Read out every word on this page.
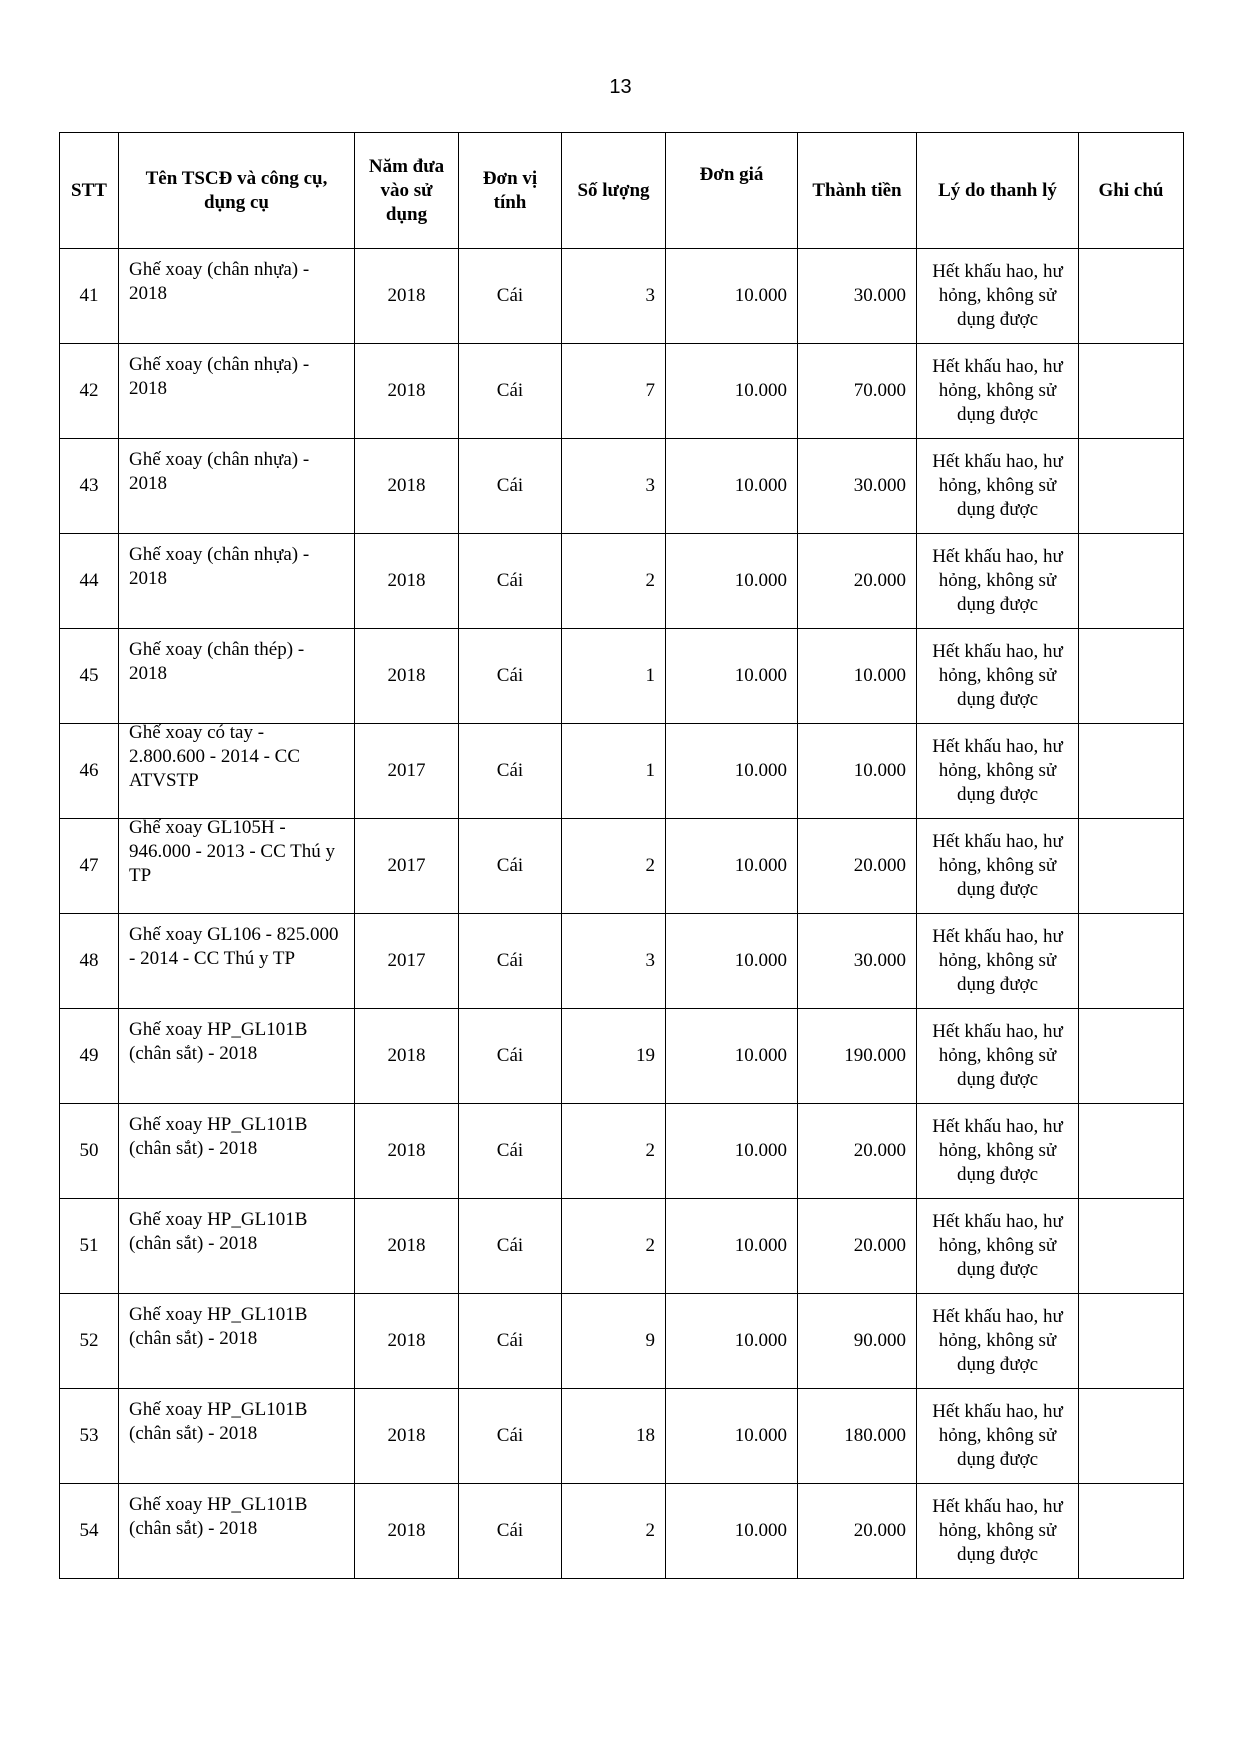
13
STT	Tên TSCĐ và công cụ, dụng cụ	Năm đưa vào sử dụng	Đơn vị tính	Số lượng	Đơn giá	Thành tiền	Lý do thanh lý	Ghi chú
41	Ghế xoay (chân nhựa) - 2018	2018	Cái	3	10.000	30.000	Hết khấu hao, hư hỏng, không sử dụng được	
42	Ghế xoay (chân nhựa) - 2018	2018	Cái	7	10.000	70.000	Hết khấu hao, hư hỏng, không sử dụng được	
43	Ghế xoay (chân nhựa) - 2018	2018	Cái	3	10.000	30.000	Hết khấu hao, hư hỏng, không sử dụng được	
44	Ghế xoay (chân nhựa) - 2018	2018	Cái	2	10.000	20.000	Hết khấu hao, hư hỏng, không sử dụng được	
45	Ghế xoay (chân thép) - 2018	2018	Cái	1	10.000	10.000	Hết khấu hao, hư hỏng, không sử dụng được	
46	Ghế xoay có tay - 2.800.600 - 2014 - CC ATVSTP	2017	Cái	1	10.000	10.000	Hết khấu hao, hư hỏng, không sử dụng được	
47	Ghế xoay GL105H - 946.000 - 2013 - CC Thú y TP	2017	Cái	2	10.000	20.000	Hết khấu hao, hư hỏng, không sử dụng được	
48	Ghế xoay GL106 - 825.000 - 2014 - CC Thú y TP	2017	Cái	3	10.000	30.000	Hết khấu hao, hư hỏng, không sử dụng được	
49	Ghế xoay HP_GL101B (chân sắt) - 2018	2018	Cái	19	10.000	190.000	Hết khấu hao, hư hỏng, không sử dụng được	
50	Ghế xoay HP_GL101B (chân sắt) - 2018	2018	Cái	2	10.000	20.000	Hết khấu hao, hư hỏng, không sử dụng được	
51	Ghế xoay HP_GL101B (chân sắt) - 2018	2018	Cái	2	10.000	20.000	Hết khấu hao, hư hỏng, không sử dụng được	
52	Ghế xoay HP_GL101B (chân sắt) - 2018	2018	Cái	9	10.000	90.000	Hết khấu hao, hư hỏng, không sử dụng được	
53	Ghế xoay HP_GL101B (chân sắt) - 2018	2018	Cái	18	10.000	180.000	Hết khấu hao, hư hỏng, không sử dụng được	
54	Ghế xoay HP_GL101B (chân sắt) - 2018	2018	Cái	2	10.000	20.000	Hết khấu hao, hư hỏng, không sử dụng được	
